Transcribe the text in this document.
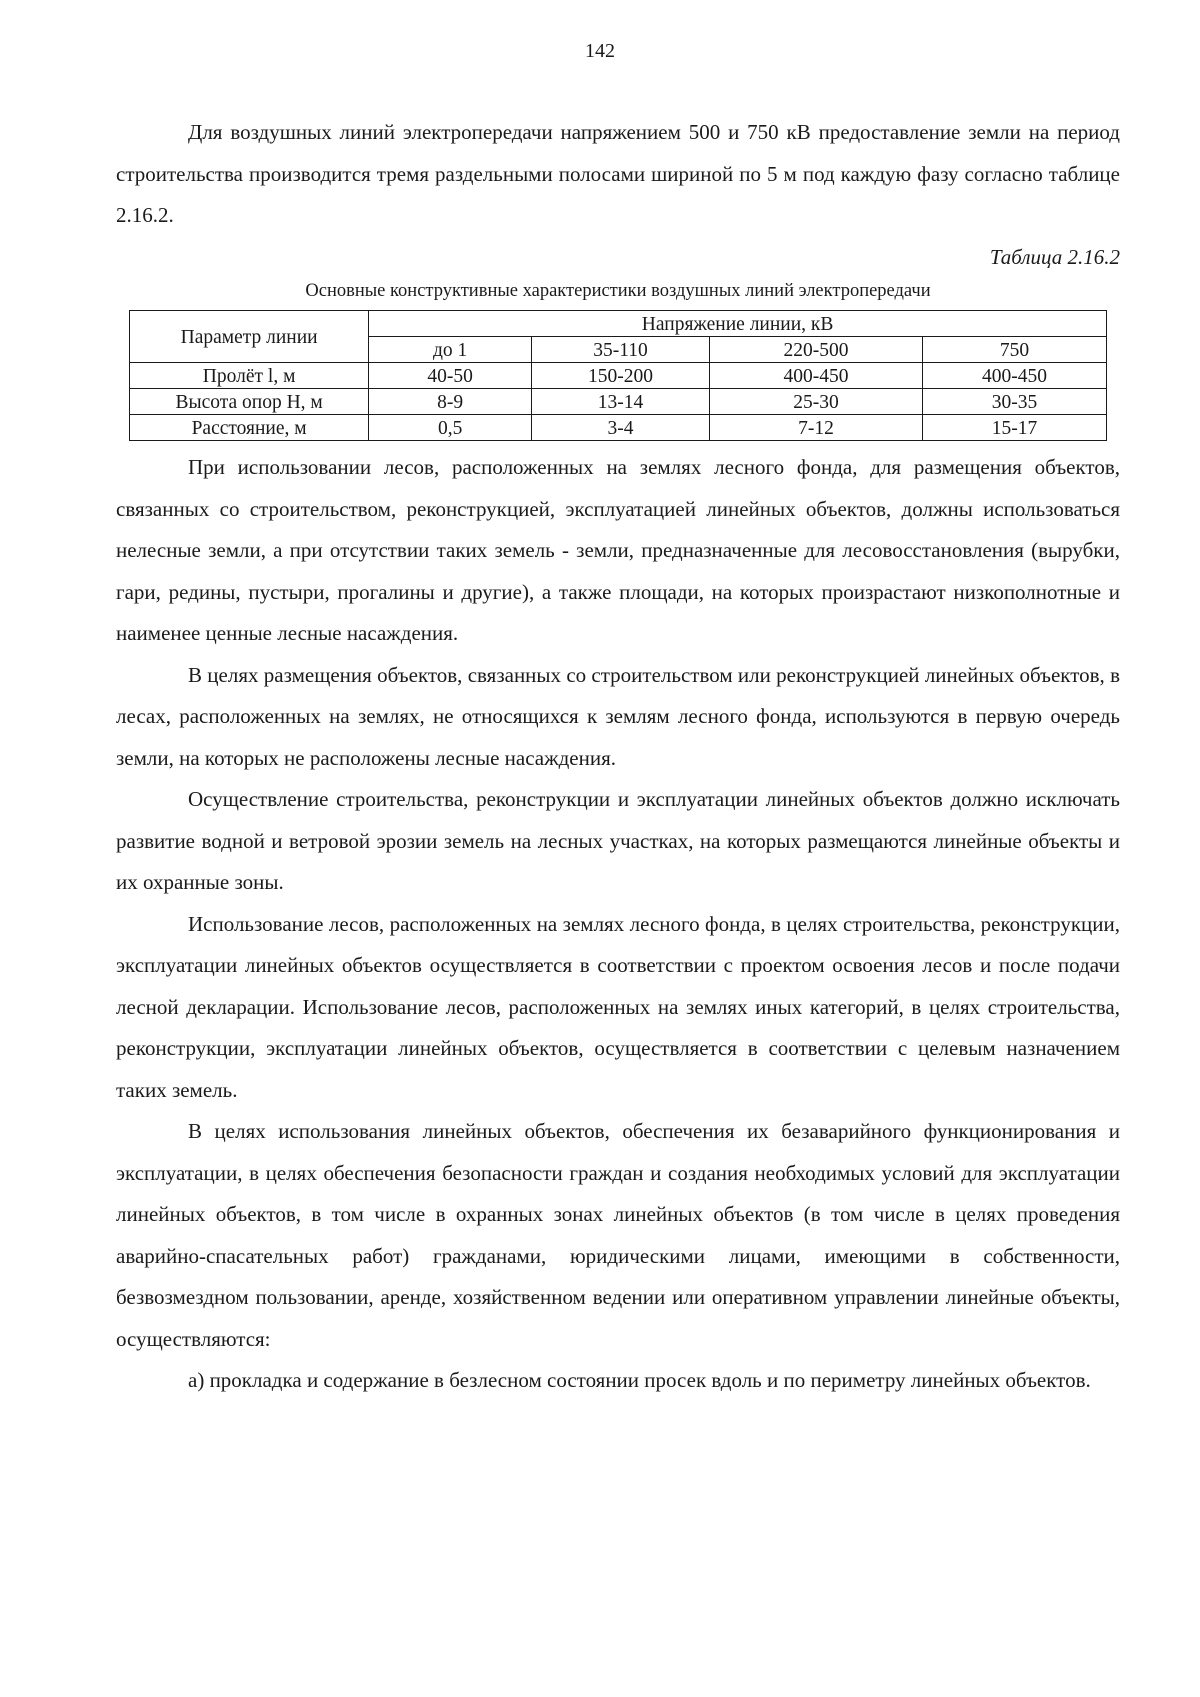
142

Для воздушных линий электропередачи напряжением 500 и 750 кВ предоставление земли на период строительства производится тремя раздельными полосами шириной по 5 м под каждую фазу согласно таблице 2.16.2.

Таблица 2.16.2

Основные конструктивные характеристики воздушных линий электропередачи

Параметр линии	Напряжение линии, кВ			
	до 1	35-110	220-500	750
Пролёт l, м	40-50	150-200	400-450	400-450
Высота опор Н, м	8-9	13-14	25-30	30-35
Расстояние, м	0,5	3-4	7-12	15-17

При использовании лесов, расположенных на землях лесного фонда, для размещения объектов, связанных со строительством, реконструкцией, эксплуатацией линейных объектов, должны использоваться нелесные земли, а при отсутствии таких земель - земли, предназначенные для лесовосстановления (вырубки, гари, редины, пустыри, прогалины и другие), а также площади, на которых произрастают низкополнотные и наименее ценные лесные насаждения.

В целях размещения объектов, связанных со строительством или реконструкцией линейных объектов, в лесах, расположенных на землях, не относящихся к землям лесного фонда, используются в первую очередь земли, на которых не расположены лесные насаждения.

Осуществление строительства, реконструкции и эксплуатации линейных объектов должно исключать развитие водной и ветровой эрозии земель на лесных участках, на которых размещаются линейные объекты и их охранные зоны.

Использование лесов, расположенных на землях лесного фонда, в целях строительства, реконструкции, эксплуатации линейных объектов осуществляется в соответствии с проектом освоения лесов и после подачи лесной декларации. Использование лесов, расположенных на землях иных категорий, в целях строительства, реконструкции, эксплуатации линейных объектов, осуществляется в соответствии с целевым назначением таких земель.

В целях использования линейных объектов, обеспечения их безаварийного функционирования и эксплуатации, в целях обеспечения безопасности граждан и создания необходимых условий для эксплуатации линейных объектов, в том числе в охранных зонах линейных объектов (в том числе в целях проведения аварийно-спасательных работ) гражданами, юридическими лицами, имеющими в собственности, безвозмездном пользовании, аренде, хозяйственном ведении или оперативном управлении линейные объекты, осуществляются:

а) прокладка и содержание в безлесном состоянии просек вдоль и по периметру линейных объектов.
